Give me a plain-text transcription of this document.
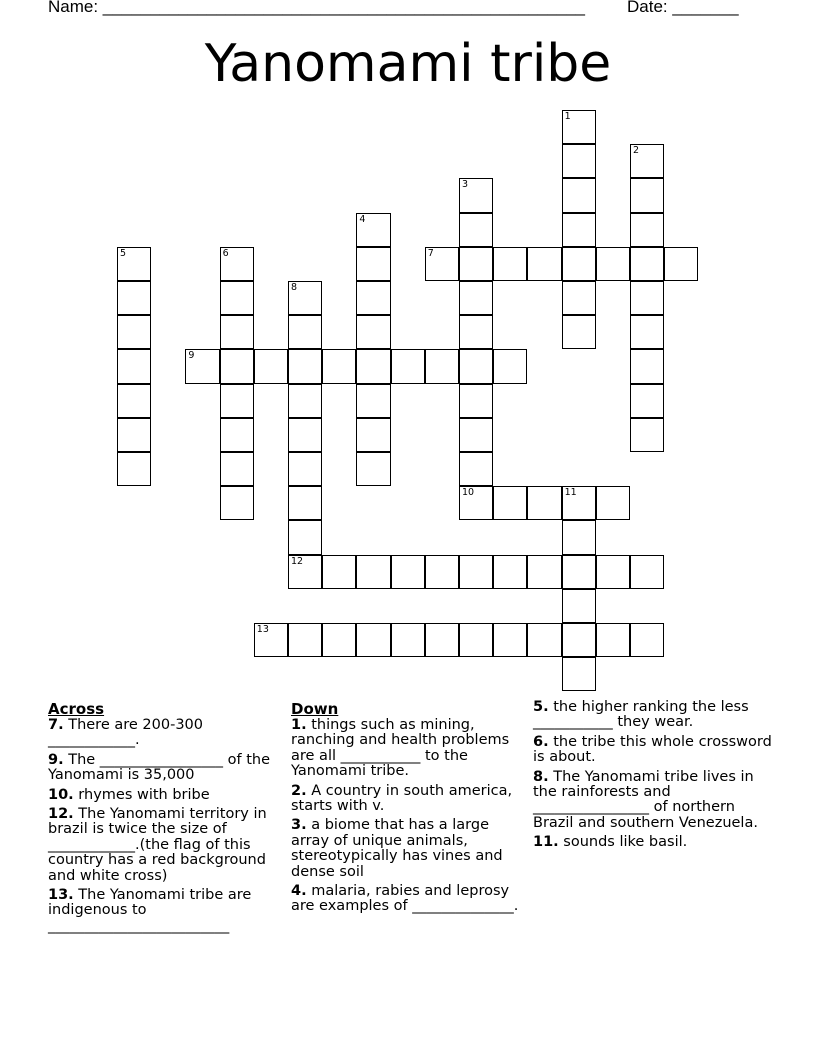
Name: ___________________________________________________ Date: _______
Yanomami tribe
1
2
3
10
4
5	6	7
8
12
9
11
13
Across
7. There are 200-300 ____________.
9. The _________________ of the Yanomami is 35,000
10. rhymes with bribe
12. The Yanomami territory in brazil is twice the size of ____________.(the flag of this country has a red background and white cross)
13. The Yanomami tribe are indigenous to _________________________
Down
1. things such as mining, ranching and health problems are all ___________ to the Yanomami tribe.
2. A country in south america, starts with v.
3. a biome that has a large array of unique animals, stereotypically has vines and dense soil
4. malaria, rabies and leprosy are examples of ______________.
5. the higher ranking the less ___________ they wear.
6. the tribe this whole crossword is about.
8. The Yanomami tribe lives in the rainforests and ________________ of northern Brazil and southern Venezuela.
11. sounds like basil.
